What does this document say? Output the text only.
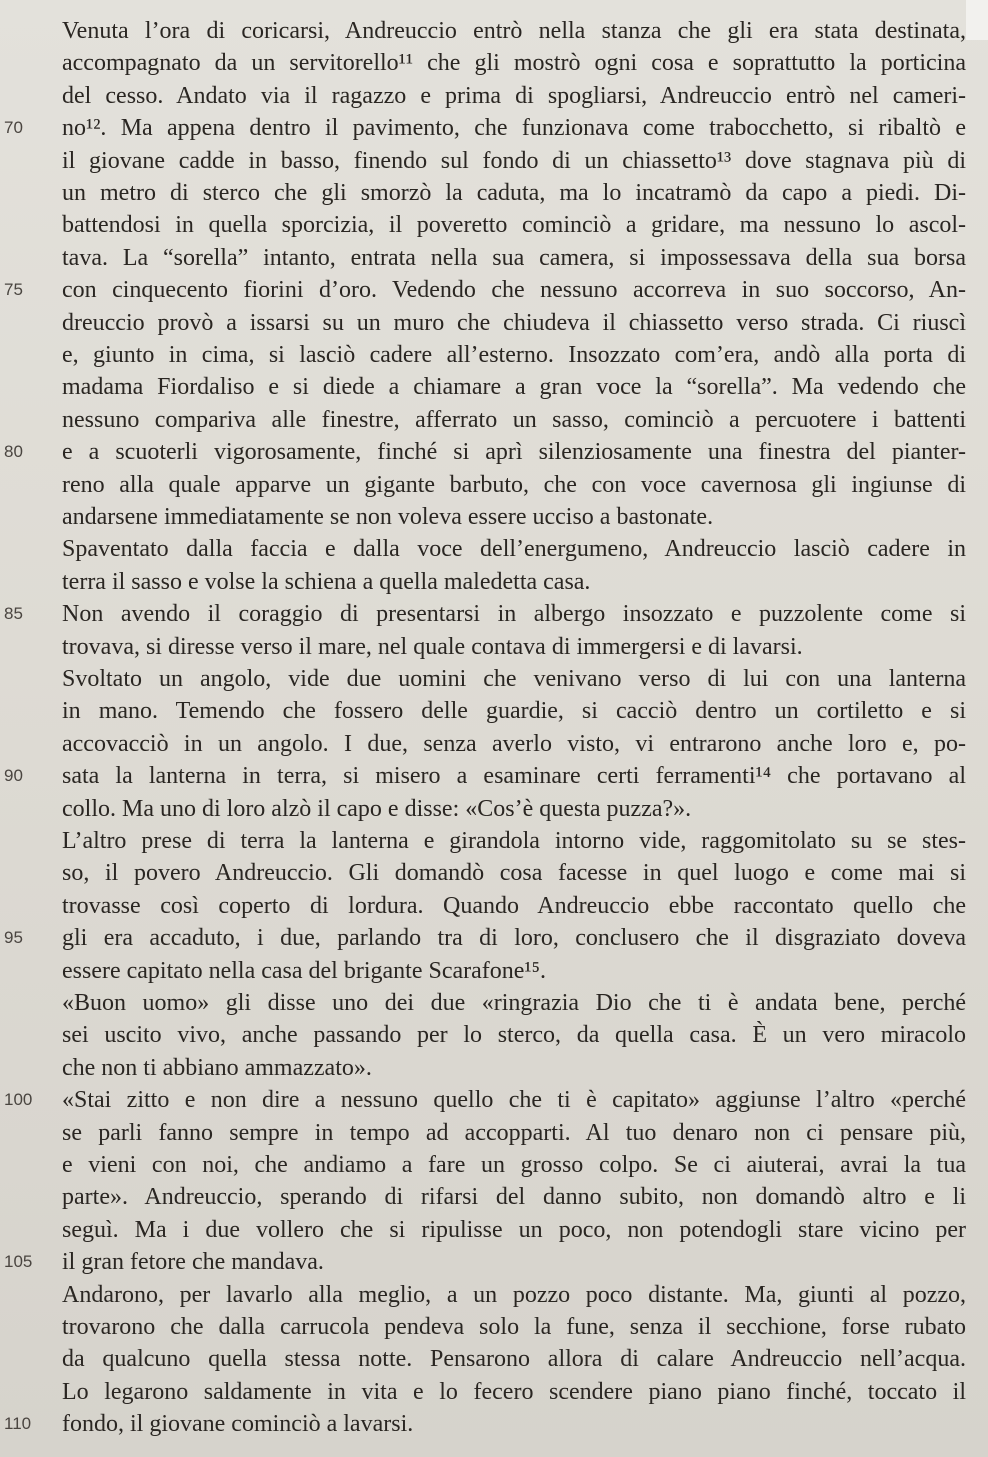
Venuta l’ora di coricarsi, Andreuccio entrò nella stanza che gli era stata destinata,
accompagnato da un servitorello¹¹ che gli mostrò ogni cosa e soprattutto la porticina
del cesso. Andato via il ragazzo e prima di spogliarsi, Andreuccio entrò nel cameri-
70	no¹². Ma appena dentro il pavimento, che funzionava come trabocchetto, si ribaltò e
il giovane cadde in basso, finendo sul fondo di un chiassetto¹³ dove stagnava più di
un metro di sterco che gli smorzò la caduta, ma lo incatramò da capo a piedi. Di-
battendosi in quella sporcizia, il poveretto cominciò a gridare, ma nessuno lo ascol-
tava. La “sorella” intanto, entrata nella sua camera, si impossessava della sua borsa
75	con cinquecento fiorini d’oro. Vedendo che nessuno accorreva in suo soccorso, An-
dreuccio provò a issarsi su un muro che chiudeva il chiassetto verso strada. Ci riuscì
e, giunto in cima, si lasciò cadere all’esterno. Insozzato com’era, andò alla porta di
madama Fiordaliso e si diede a chiamare a gran voce la “sorella”. Ma vedendo che
nessuno compariva alle finestre, afferrato un sasso, cominciò a percuotere i battenti
80	e a scuoterli vigorosamente, finché si aprì silenziosamente una finestra del pianter-
reno alla quale apparve un gigante barbuto, che con voce cavernosa gli ingiunse di
andarsene immediatamente se non voleva essere ucciso a bastonate.
Spaventato dalla faccia e dalla voce dell’energumeno, Andreuccio lasciò cadere in
terra il sasso e volse la schiena a quella maledetta casa.
85	Non avendo il coraggio di presentarsi in albergo insozzato e puzzolente come si
trovava, si diresse verso il mare, nel quale contava di immergersi e di lavarsi.
Svoltato un angolo, vide due uomini che venivano verso di lui con una lanterna
in mano. Temendo che fossero delle guardie, si cacciò dentro un cortiletto e si
accovacciò in un angolo. I due, senza averlo visto, vi entrarono anche loro e, po-
90	sata la lanterna in terra, si misero a esaminare certi ferramenti¹⁴ che portavano al
collo. Ma uno di loro alzò il capo e disse: «Cos’è questa puzza?».
L’altro prese di terra la lanterna e girandola intorno vide, raggomitolato su se stes-
so, il povero Andreuccio. Gli domandò cosa facesse in quel luogo e come mai si
trovasse così coperto di lordura. Quando Andreuccio ebbe raccontato quello che
95	gli era accaduto, i due, parlando tra di loro, conclusero che il disgraziato doveva
essere capitato nella casa del brigante Scarafone¹⁵.
«Buon uomo» gli disse uno dei due «ringrazia Dio che ti è andata bene, perché
sei uscito vivo, anche passando per lo sterco, da quella casa. È un vero miracolo
che non ti abbiano ammazzato».
100	«Stai zitto e non dire a nessuno quello che ti è capitato» aggiunse l’altro «perché
se parli fanno sempre in tempo ad accopparti. Al tuo denaro non ci pensare più,
e vieni con noi, che andiamo a fare un grosso colpo. Se ci aiuterai, avrai la tua
parte». Andreuccio, sperando di rifarsi del danno subito, non domandò altro e li
seguì. Ma i due vollero che si ripulisse un poco, non potendogli stare vicino per
105	il gran fetore che mandava.
Andarono, per lavarlo alla meglio, a un pozzo poco distante. Ma, giunti al pozzo,
trovarono che dalla carrucola pendeva solo la fune, senza il secchione, forse rubato
da qualcuno quella stessa notte. Pensarono allora di calare Andreuccio nell’acqua.
Lo legarono saldamente in vita e lo fecero scendere piano piano finché, toccato il
110	fondo, il giovane cominciò a lavarsi.
